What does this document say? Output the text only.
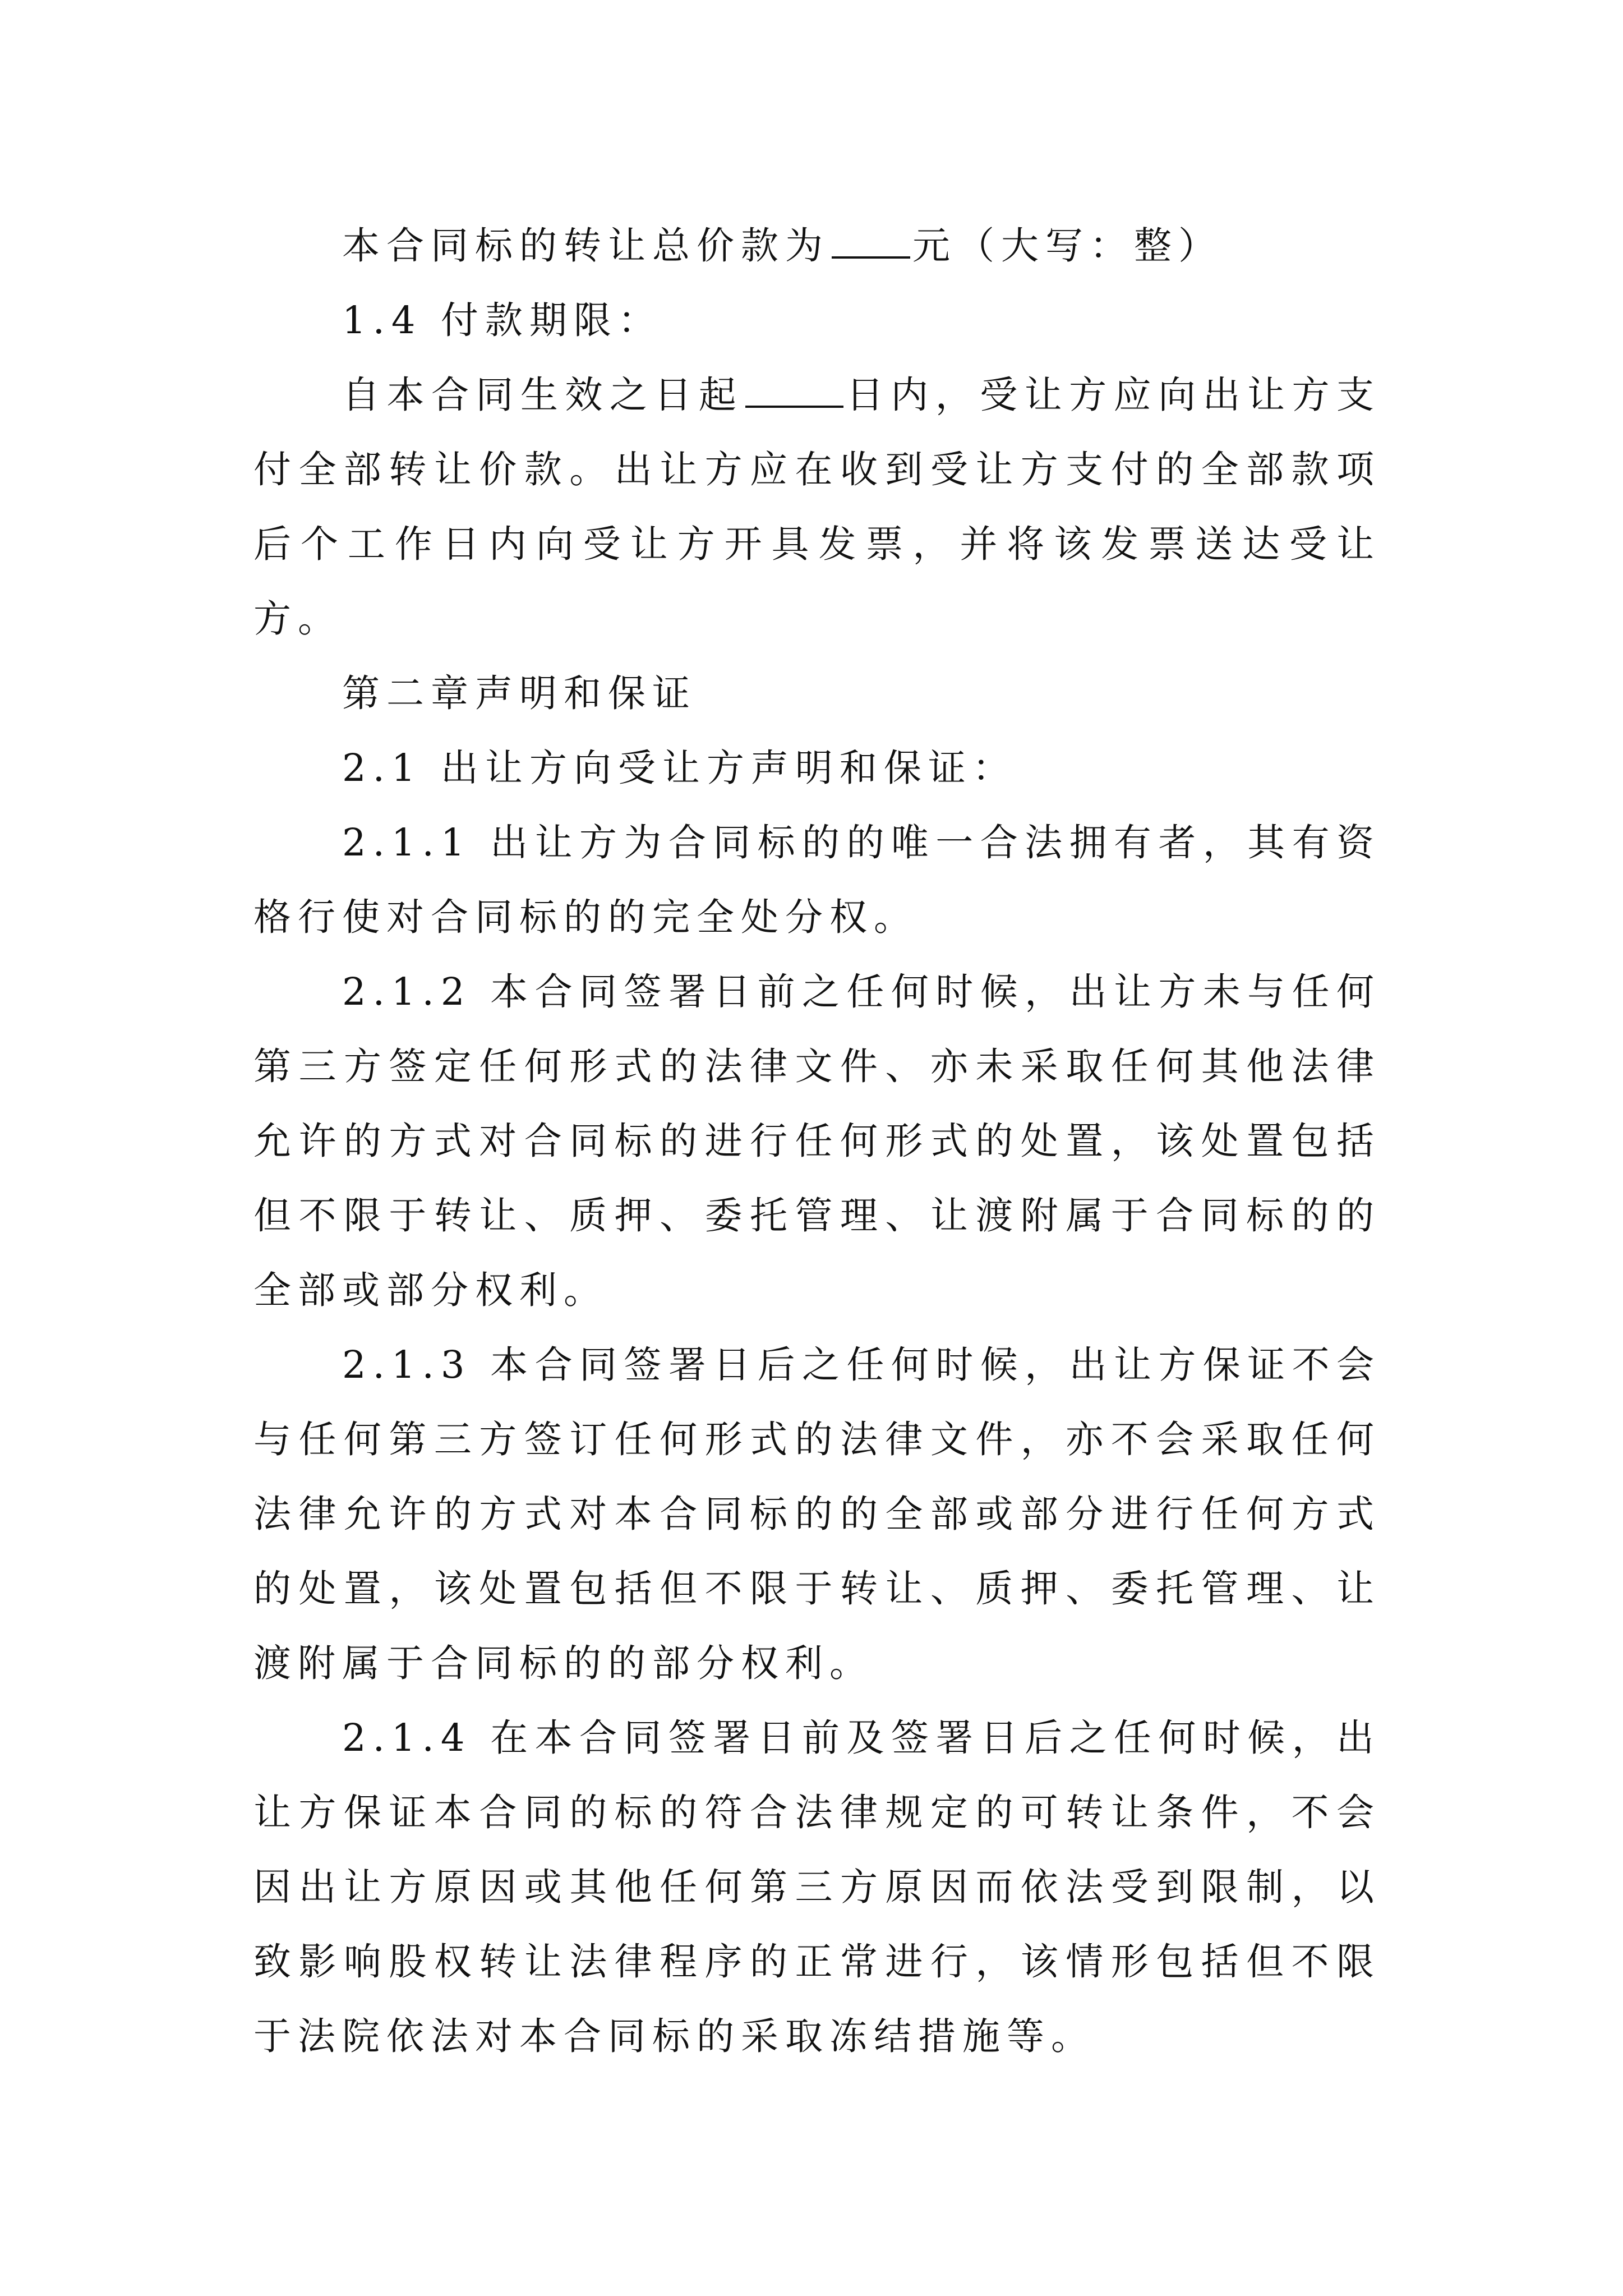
本合同标的转让总价款为 元（大写：整）

1.4 付款期限：

自本合同生效之日起	日内，受让方应向出让方支付全部转让价款。出让方应在收到受让方支付的全部款项后个工作日内向受让方开具发票，并将该发票送达受让方。

第二章声明和保证

2.1 出让方向受让方声明和保证：

2.1.1 出让方为合同标的的唯一合法拥有者，其有资格行使对合同标的的完全处分权。

2.1.2 本合同签署日前之任何时候，出让方未与任何第三方签定任何形式的法律文件、亦未采取任何其他法律允许的方式对合同标的进行任何形式的处置，该处置包括但不限于转让、质押、委托管理、让渡附属于合同标的的全部或部分权利。

2.1.3 本合同签署日后之任何时候，出让方保证不会与任何第三方签订任何形式的法律文件，亦不会采取任何法律允许的方式对本合同标的的全部或部分进行任何方式的处置，该处置包括但不限于转让、质押、委托管理、让渡附属于合同标的的部分权利。

2.1.4 在本合同签署日前及签署日后之任何时候，出让方保证本合同的标的符合法律规定的可转让条件，不会因出让方原因或其他任何第三方原因而依法受到限制，以致影响股权转让法律程序的正常进行，该情形包括但不限于法院依法对本合同标的采取冻结措施等。
